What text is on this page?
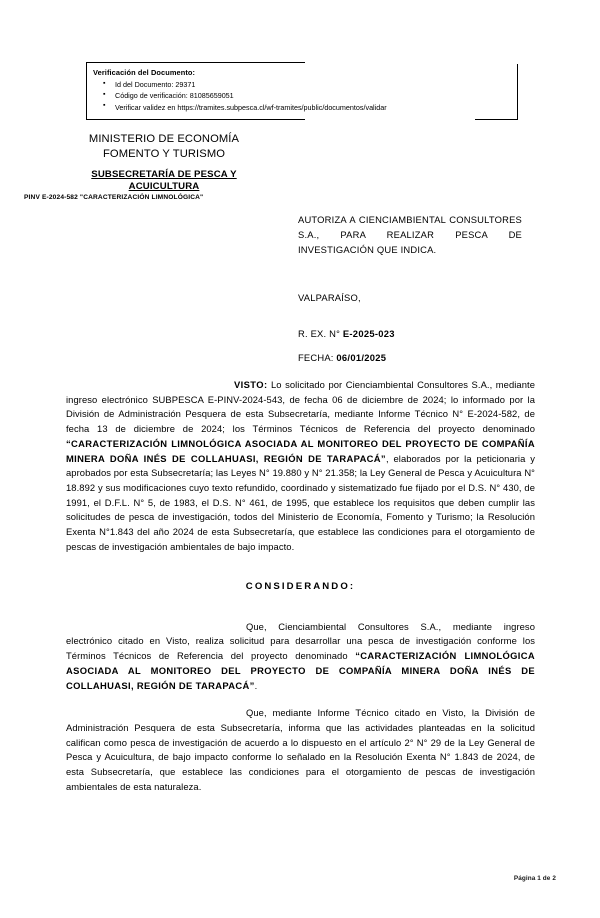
Verificación del Documento:
▪ Id del Documento: 29371
▪ Código de verificación: 81085659051
▪ Verificar validez en https://tramites.subpesca.cl/wf-tramites/public/documentos/validar
MINISTERIO DE ECONOMÍA
FOMENTO Y TURISMO
SUBSECRETARÍA DE PESCA Y
ACUICULTURA
PINV E-2024-582 "CARACTERIZACIÓN LIMNOLÓGICA"
AUTORIZA A CIENCIAMBIENTAL CONSULTORES S.A., PARA REALIZAR PESCA DE INVESTIGACIÓN QUE INDICA.
VALPARAÍSO,
R. EX. N° E-2025-023
FECHA: 06/01/2025

VISTO: Lo solicitado por Cienciambiental Consultores S.A., mediante ingreso electrónico SUBPESCA E-PINV-2024-543, de fecha 06 de diciembre de 2024; lo informado por la División de Administración Pesquera de esta Subsecretaría, mediante Informe Técnico N° E-2024-582, de fecha 13 de diciembre de 2024; los Términos Técnicos de Referencia del proyecto denominado “CARACTERIZACIÓN LIMNOLÓGICA ASOCIADA AL MONITOREO DEL PROYECTO DE COMPAÑÍA MINERA DOÑA INÉS DE COLLAHUASI, REGIÓN DE TARAPACÁ”, elaborados por la peticionaria y aprobados por esta Subsecretaría; las Leyes N° 19.880 y N° 21.358; la Ley General de Pesca y Acuicultura N° 18.892 y sus modificaciones cuyo texto refundido, coordinado y sistematizado fue fijado por el D.S. N° 430, de 1991, el D.F.L. N° 5, de 1983, el D.S. N° 461, de 1995, que establece los requisitos que deben cumplir las solicitudes de pesca de investigación, todos del Ministerio de Economía, Fomento y Turismo; la Resolución Exenta N°1.843 del año 2024 de esta Subsecretaría, que establece las condiciones para el otorgamiento de pescas de investigación ambientales de bajo impacto.

CONSIDERANDO:

Que, Cienciambiental Consultores S.A., mediante ingreso electrónico citado en Visto, realiza solicitud para desarrollar una pesca de investigación conforme los Términos Técnicos de Referencia del proyecto denominado “CARACTERIZACIÓN LIMNOLÓGICA ASOCIADA AL MONITOREO DEL PROYECTO DE COMPAÑÍA MINERA DOÑA INÉS DE COLLAHUASI, REGIÓN DE TARAPACÁ”.

Que, mediante Informe Técnico citado en Visto, la División de Administración Pesquera de esta Subsecretaría, informa que las actividades planteadas en la solicitud califican como pesca de investigación de acuerdo a lo dispuesto en el artículo 2° N° 29 de la Ley General de Pesca y Acuicultura, de bajo impacto conforme lo señalado en la Resolución Exenta N° 1.843 de 2024, de esta Subsecretaría, que establece las condiciones para el otorgamiento de pescas de investigación ambientales de esta naturaleza.

Página 1 de 2
